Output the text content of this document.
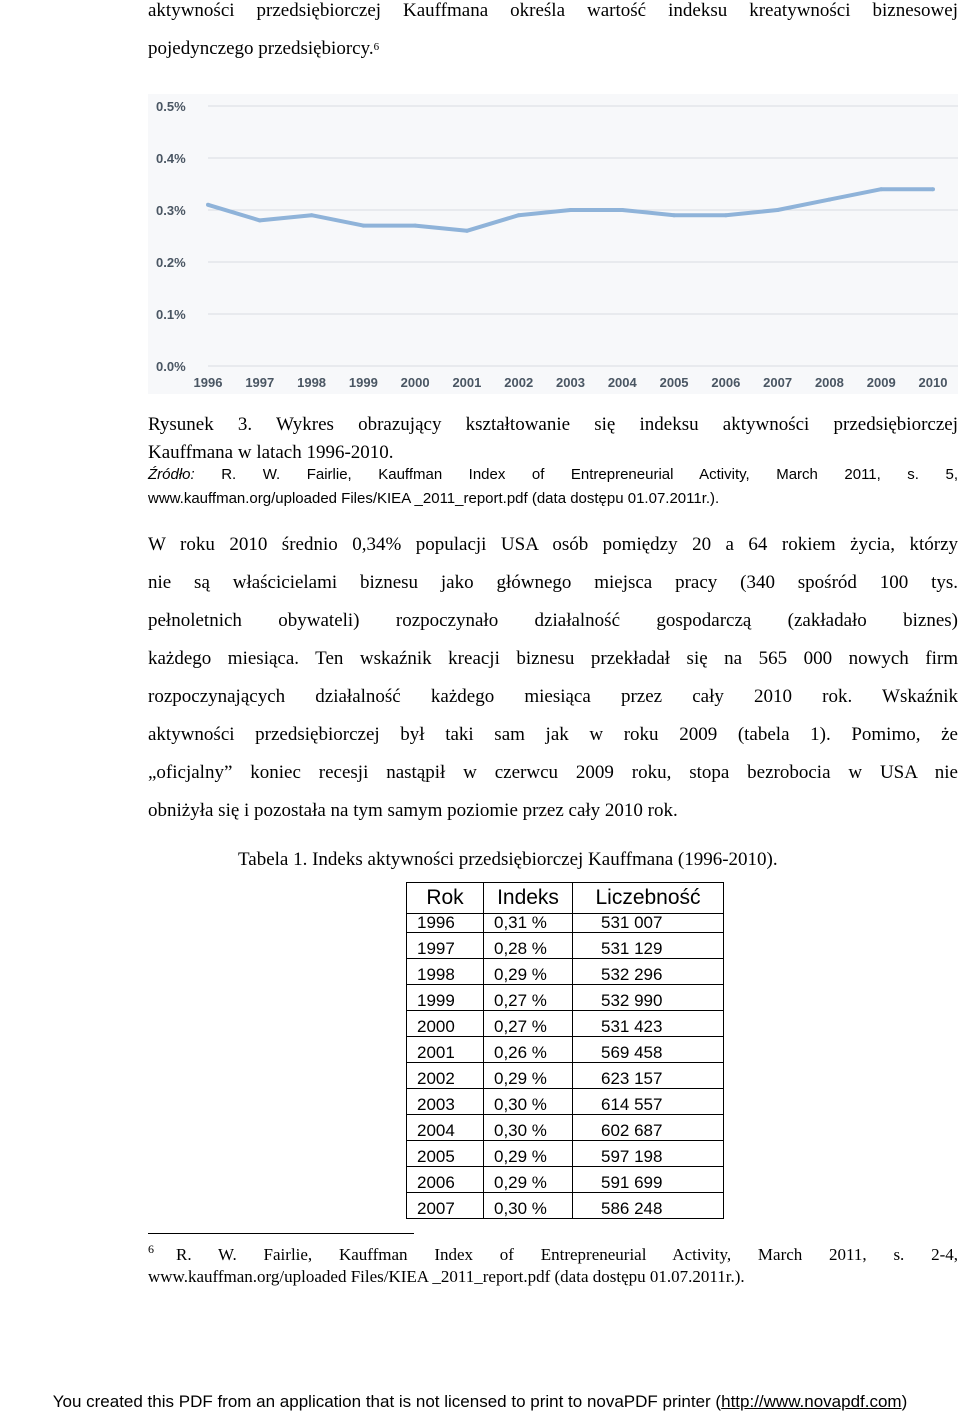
aktywności przedsiębiorczej Kauffmana określa wartość indeksu kreatywności biznesowej
pojedynczego przedsiębiorcy.$^6$
0.0%
0.1%
0.2%
0.3%
0.4%
0.5%
1996 1997 1998 1999 2000 2001 2002 2003 2004 2005 2006 2007 2008 2009 2010
Rysunek 3. Wykres obrazujący kształtowanie się indeksu aktywności przedsiębiorczej
Kauffmana w latach 1996-2010.
Źródło: R. W. Fairlie, Kauffman Index of Entrepreneurial Activity, March 2011, s. 5,
www.kauffman.org/uploaded Files/KIEA _2011_report.pdf (data dostępu 01.07.2011r.).
W roku 2010 średnio 0,34% populacji USA osób pomiędzy 20 a 64 rokiem życia, którzy
nie są właścicielami biznesu jako głównego miejsca pracy (340 spośród 100 tys.
pełnoletnich obywateli) rozpoczynało działalność gospodarczą (zakładało biznes)
każdego miesiąca. Ten wskaźnik kreacji biznesu przekładał się na 565 000 nowych firm
rozpoczynających działalność każdego miesiąca przez cały 2010 rok. Wskaźnik
aktywności przedsiębiorczej był taki sam jak w roku 2009 (tabela 1). Pomimo, że
„oficjalny” koniec recesji nastąpił w czerwcu 2009 roku, stopa bezrobocia w USA nie
obniżyła się i pozostała na tym samym poziomie przez cały 2010 rok.
Tabela 1. Indeks aktywności przedsiębiorczej Kauffmana (1996-2010).
Rok	Indeks	Liczebność
1996	0,31 %	531 007
1997	0,28 %	531 129
1998	0,29 %	532 296
1999	0,27 %	532 990
2000	0,27 %	531 423
2001	0,26 %	569 458
2002	0,29 %	623 157
2003	0,30 %	614 557
2004	0,30 %	602 687
2005	0,29 %	597 198
2006	0,29 %	591 699
2007	0,30 %	586 248
6 R. W. Fairlie, Kauffman Index of Entrepreneurial Activity, March 2011, s. 2-4,
www.kauffman.org/uploaded Files/KIEA _2011_report.pdf (data dostępu 01.07.2011r.).
You created this PDF from an application that is not licensed to print to novaPDF printer (http://www.novapdf.com)
